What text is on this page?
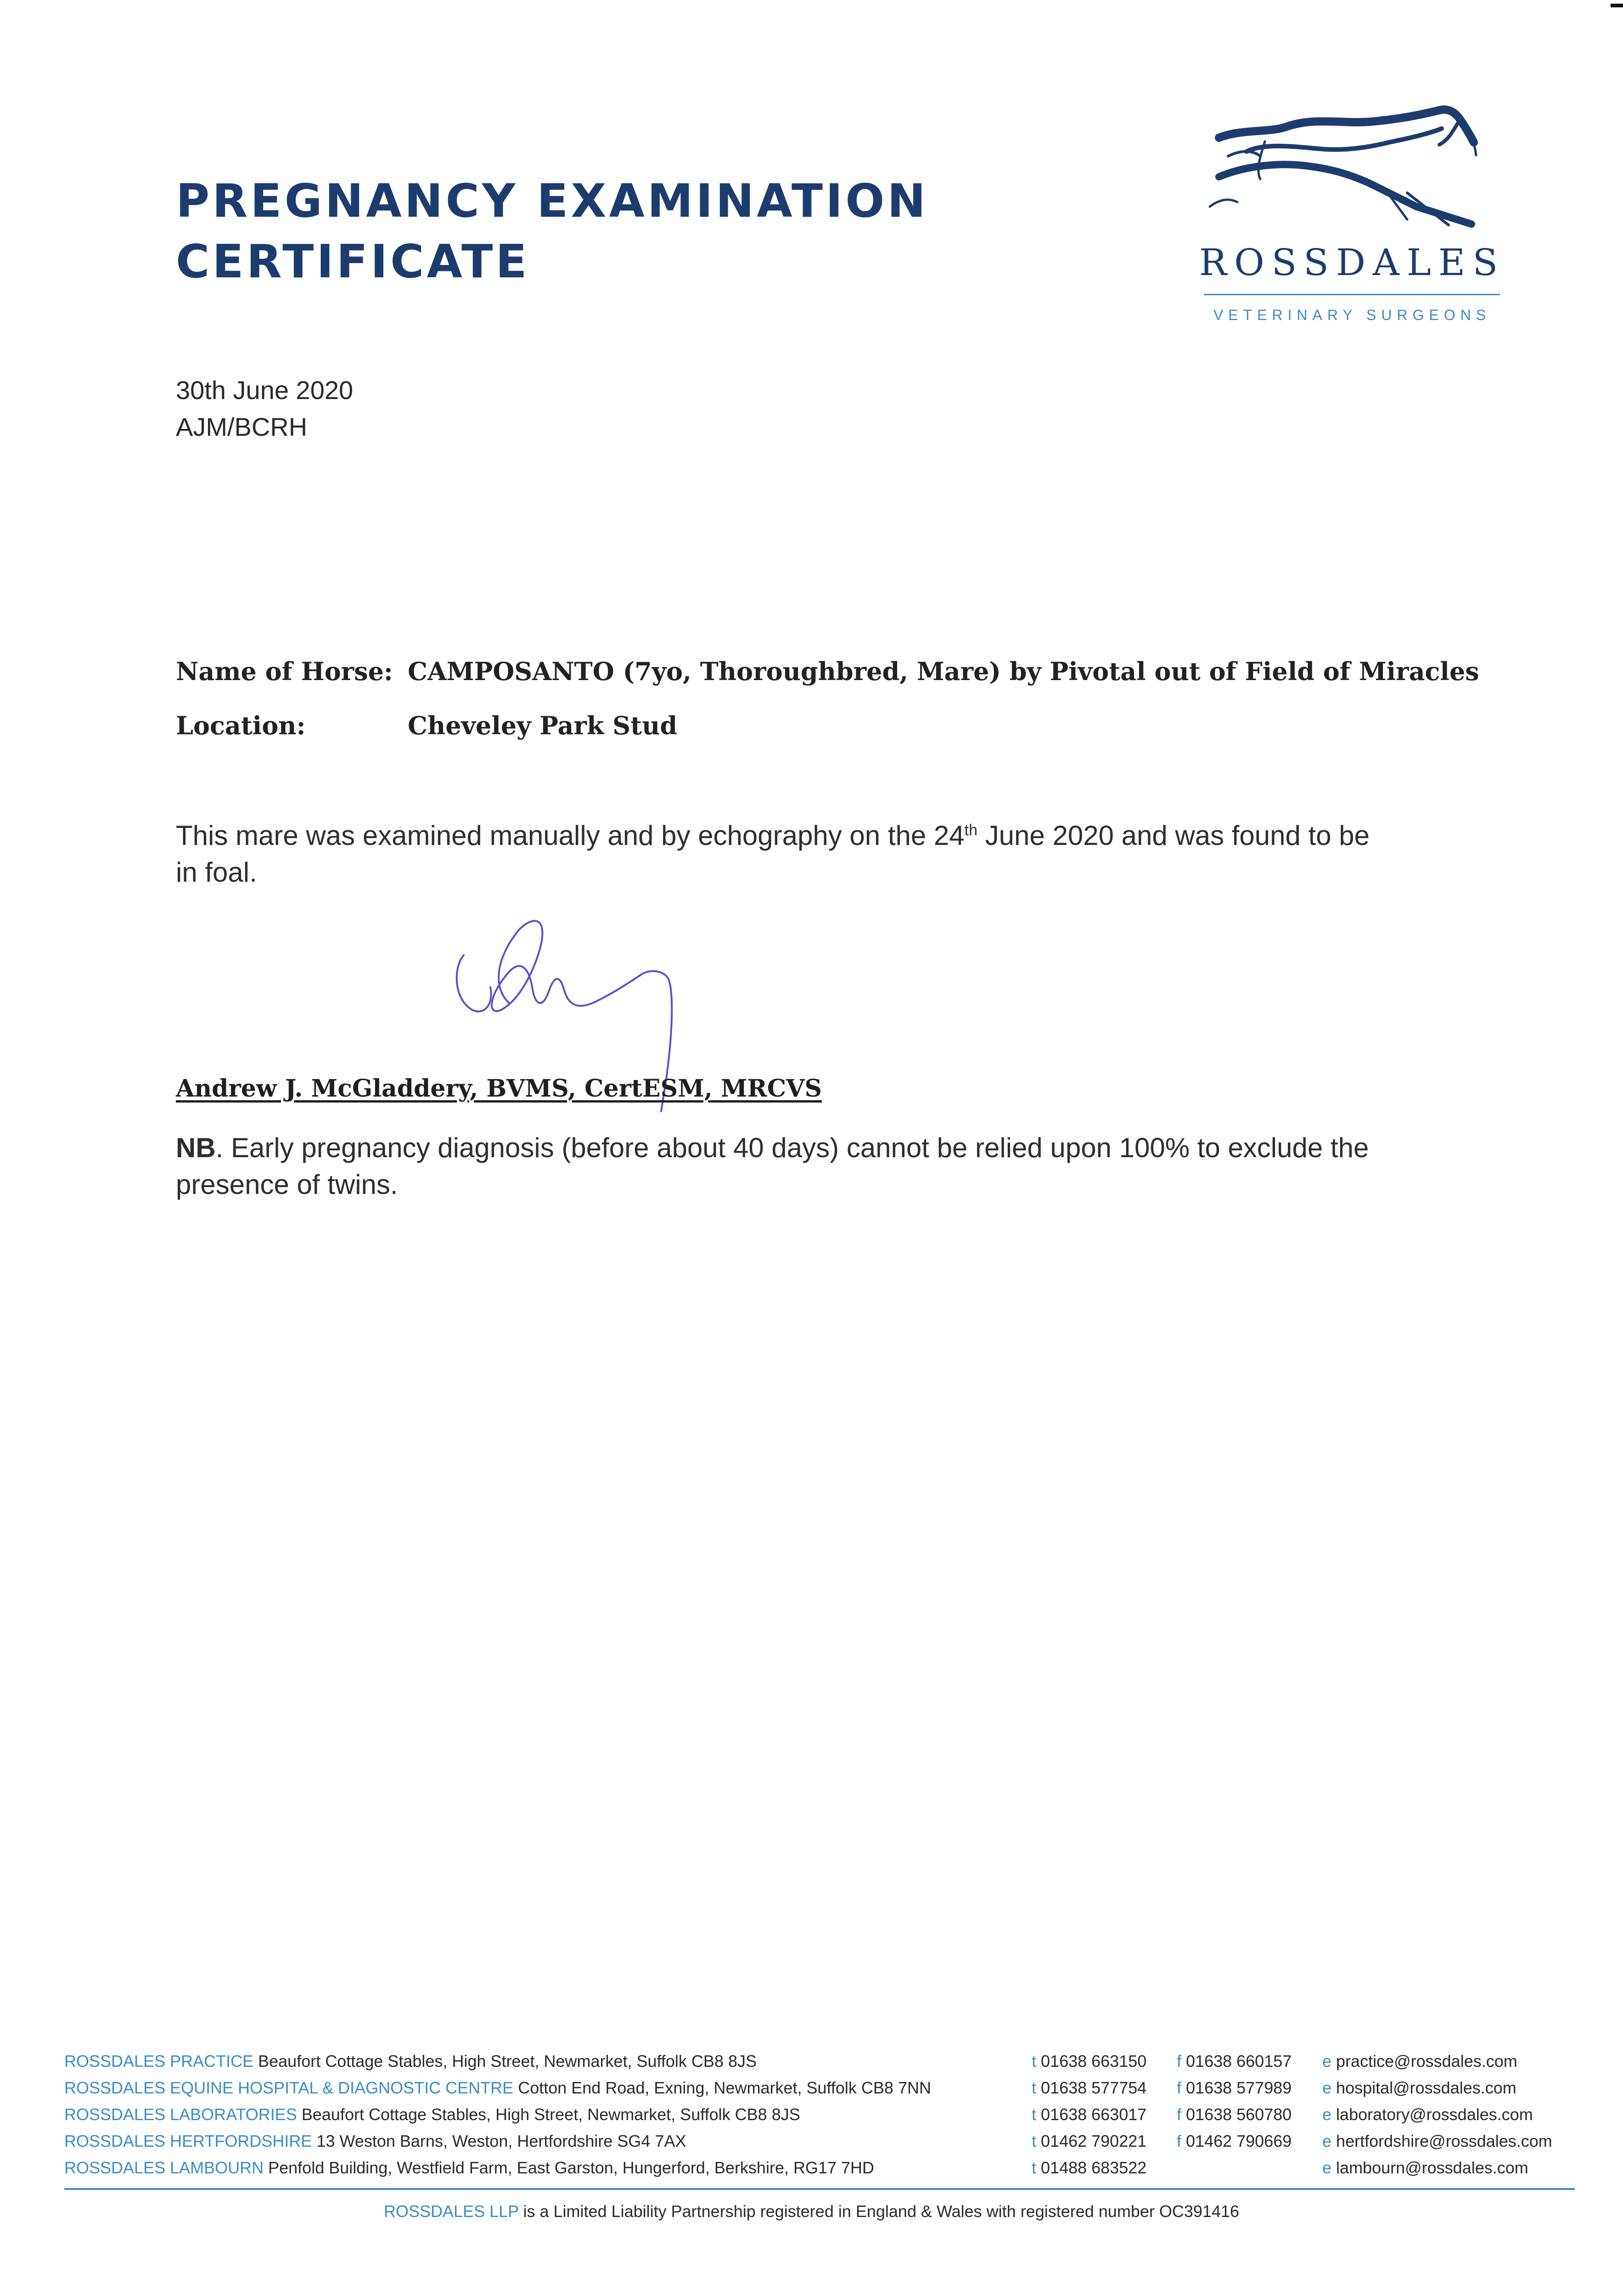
PREGNANCY EXAMINATION
CERTIFICATE	ROSSDALES
VETERINARY SURGEONS
30th June 2020
AJM/BCRH
Name of Horse: CAMPOSANTO (7yo, Thoroughbred, Mare) by Pivotal out of Field of Miracles
Location:	Cheveley Park Stud

This mare was examined manually and by echography on the 24th June 2020 and was found to be in foal.

Andrew J. McGladdery, BVMS, CertESM, MRCVS

NB. Early pregnancy diagnosis (before about 40 days) cannot be relied upon 100% to exclude the presence of twins.

ROSSDALES PRACTICE Beaufort Cottage Stables, High Street, Newmarket, Suffolk CB8 8JS	t 01638 663150 f 01638 660157 e practice@rossdales.com
ROSSDALES EQUINE HOSPITAL & DIAGNOSTIC CENTRE Cotton End Road, Exning, Newmarket, Suffolk CB8 7NN	t 01638 577754 f 01638 577989 e hospital@rossdales.com
ROSSDALES LABORATORIES Beaufort Cottage Stables, High Street, Newmarket, Suffolk CB8 8JS	t 01638 663017 f 01638 560780 e laboratory@rossdales.com
ROSSDALES HERTFORDSHIRE 13 Weston Barns, Weston, Hertfordshire SG4 7AX	t 01462 790221 f 01462 790669 e hertfordshire@rossdales.com
ROSSDALES LAMBOURN Penfold Building, Westfield Farm, East Garston, Hungerford, Berkshire, RG17 7HD	t 01488 683522	e lambourn@rossdales.com
ROSSDALES LLP is a Limited Liability Partnership registered in England & Wales with registered number OC391416
